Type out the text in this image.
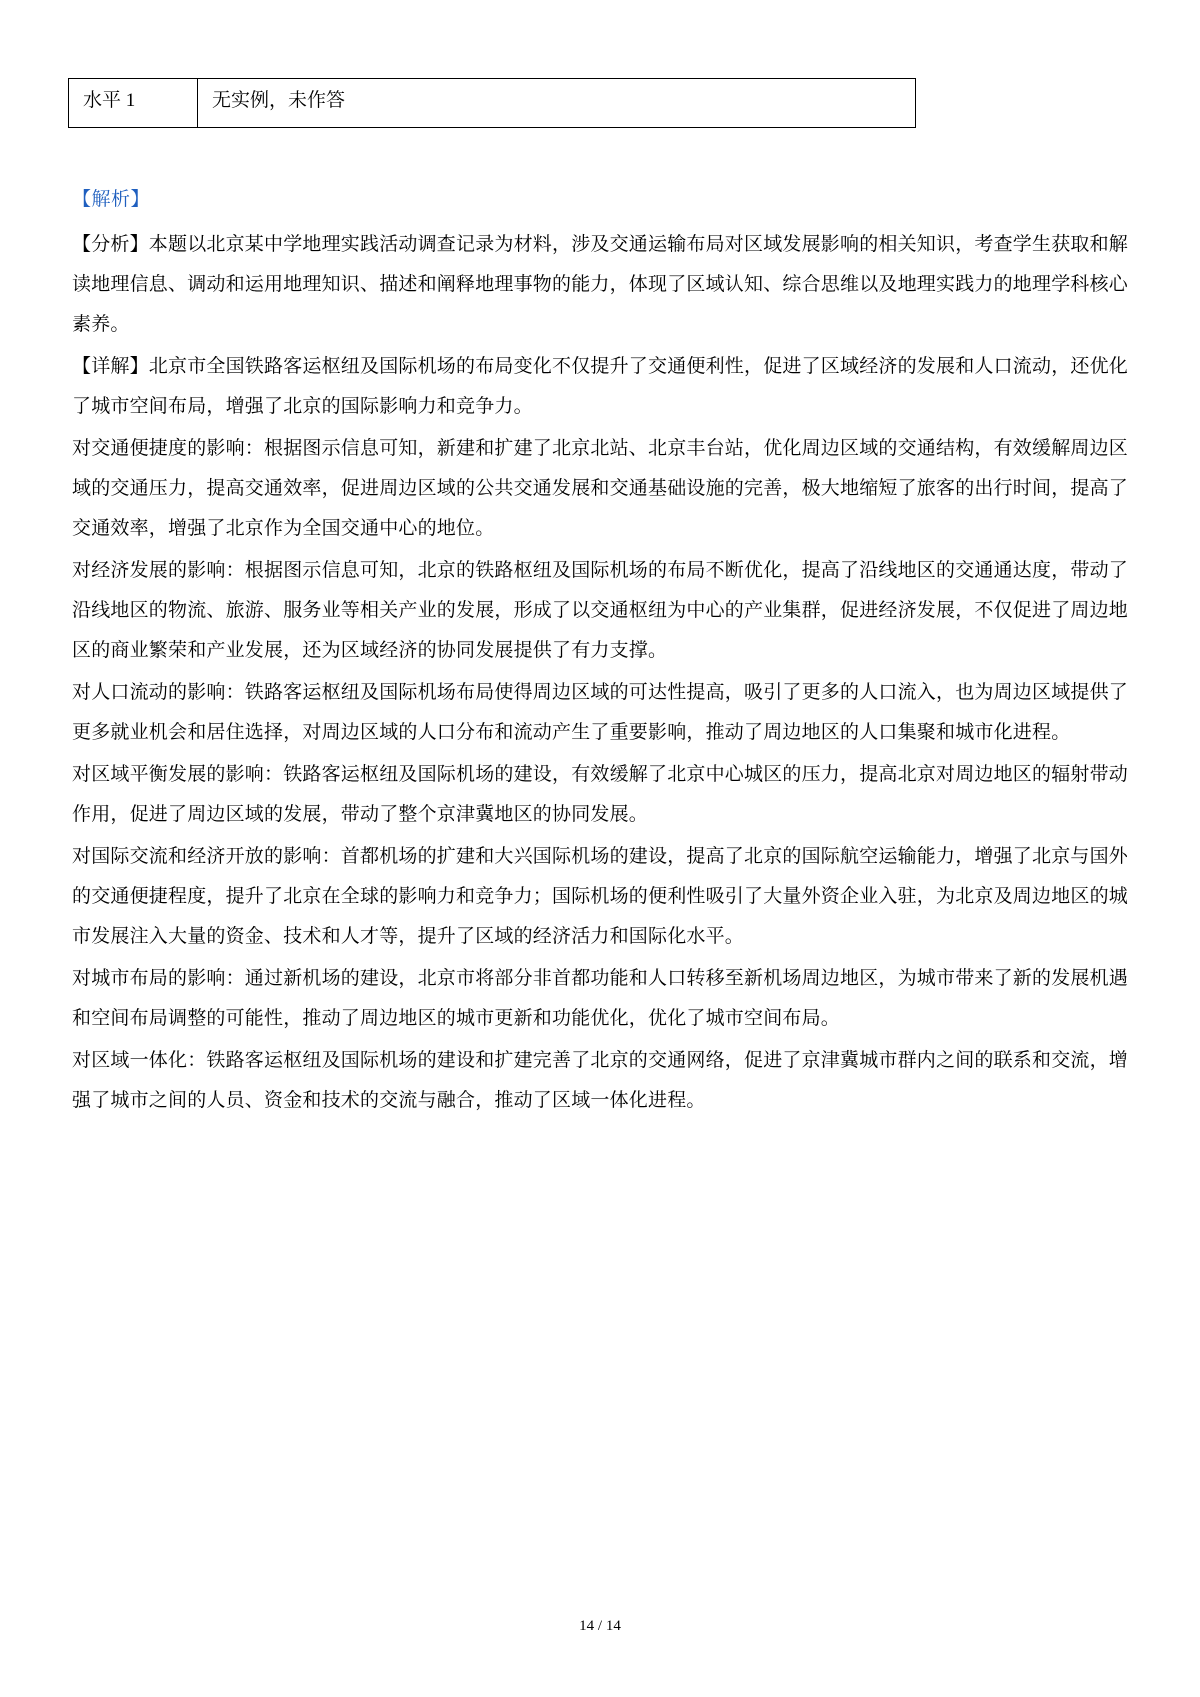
水平 1	无实例，未作答
【解析】

【分析】本题以北京某中学地理实践活动调查记录为材料，涉及交通运输布局对区域发展影响的相关知识，考查学生获取和解读地理信息、调动和运用地理知识、描述和阐释地理事物的能力，体现了区域认知、综合思维以及地理实践力的地理学科核心素养。

【详解】北京市全国铁路客运枢纽及国际机场的布局变化不仅提升了交通便利性，促进了区域经济的发展和人口流动，还优化了城市空间布局，增强了北京的国际影响力和竞争力。

对交通便捷度的影响：根据图示信息可知，新建和扩建了北京北站、北京丰台站，优化周边区域的交通结构，有效缓解周边区域的交通压力，提高交通效率，促进周边区域的公共交通发展和交通基础设施的完善，极大地缩短了旅客的出行时间，提高了交通效率，增强了北京作为全国交通中心的地位。

对经济发展的影响：根据图示信息可知，北京的铁路枢纽及国际机场的布局不断优化，提高了沿线地区的交通通达度，带动了沿线地区的物流、旅游、服务业等相关产业的发展，形成了以交通枢纽为中心的产业集群，促进经济发展，不仅促进了周边地区的商业繁荣和产业发展，还为区域经济的协同发展提供了有力支撑。

对人口流动的影响：铁路客运枢纽及国际机场布局使得周边区域的可达性提高，吸引了更多的人口流入，也为周边区域提供了更多就业机会和居住选择，对周边区域的人口分布和流动产生了重要影响，推动了周边地区的人口集聚和城市化进程。

对区域平衡发展的影响：铁路客运枢纽及国际机场的建设，有效缓解了北京中心城区的压力，提高北京对周边地区的辐射带动作用，促进了周边区域的发展，带动了整个京津冀地区的协同发展。

对国际交流和经济开放的影响：首都机场的扩建和大兴国际机场的建设，提高了北京的国际航空运输能力，增强了北京与国外的交通便捷程度，提升了北京在全球的影响力和竞争力；国际机场的便利性吸引了大量外资企业入驻，为北京及周边地区的城市发展注入大量的资金、技术和人才等，提升了区域的经济活力和国际化水平。

对城市布局的影响：通过新机场的建设，北京市将部分非首都功能和人口转移至新机场周边地区，为城市带来了新的发展机遇和空间布局调整的可能性，推动了周边地区的城市更新和功能优化，优化了城市空间布局。

对区域一体化：铁路客运枢纽及国际机场的建设和扩建完善了北京的交通网络，促进了京津冀城市群内之间的联系和交流，增强了城市之间的人员、资金和技术的交流与融合，推动了区域一体化进程。

14 / 14
